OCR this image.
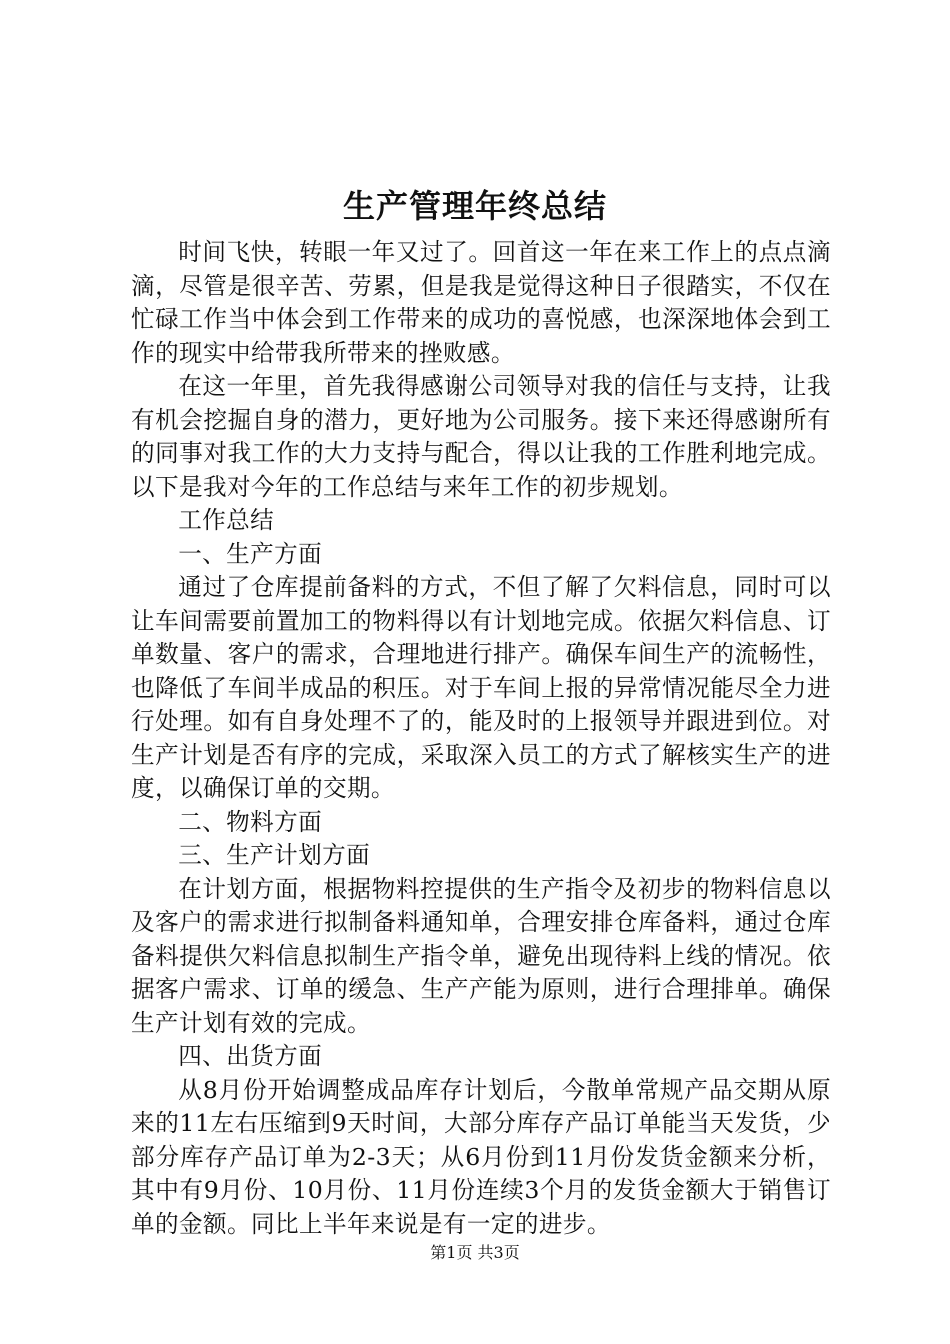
生产管理年终总结

时间飞快，转眼一年又过了。回首这一年在来工作上的点点滴滴，尽管是很辛苦、劳累，但是我是觉得这种日子很踏实，不仅在忙碌工作当中体会到工作带来的成功的喜悦感，也深深地体会到工作的现实中给带我所带来的挫败感。

在这一年里，首先我得感谢公司领导对我的信任与支持，让我有机会挖掘自身的潜力，更好地为公司服务。接下来还得感谢所有的同事对我工作的大力支持与配合，得以让我的工作胜利地完成。以下是我对今年的工作总结与来年工作的初步规划。

工作总结

一、生产方面

通过了仓库提前备料的方式，不但了解了欠料信息，同时可以让车间需要前置加工的物料得以有计划地完成。依据欠料信息、订单数量、客户的需求，合理地进行排产。确保车间生产的流畅性，也降低了车间半成品的积压。对于车间上报的异常情况能尽全力进行处理。如有自身处理不了的，能及时的上报领导并跟进到位。对生产计划是否有序的完成，采取深入员工的方式了解核实生产的进度，以确保订单的交期。

二、物料方面

三、生产计划方面

在计划方面，根据物料控提供的生产指令及初步的物料信息以及客户的需求进行拟制备料通知单，合理安排仓库备料，通过仓库备料提供欠料信息拟制生产指令单，避免出现待料上线的情况。依据客户需求、订单的缓急、生产产能为原则，进行合理排单。确保生产计划有效的完成。

四、出货方面

从8月份开始调整成品库存计划后，今散单常规产品交期从原来的11左右压缩到9天时间，大部分库存产品订单能当天发货，少部分库存产品订单为2-3天；从6月份到11月份发货金额来分析，其中有9月份、10月份、11月份连续3个月的发货金额大于销售订单的金额。同比上半年来说是有一定的进步。

第1页 共3页
